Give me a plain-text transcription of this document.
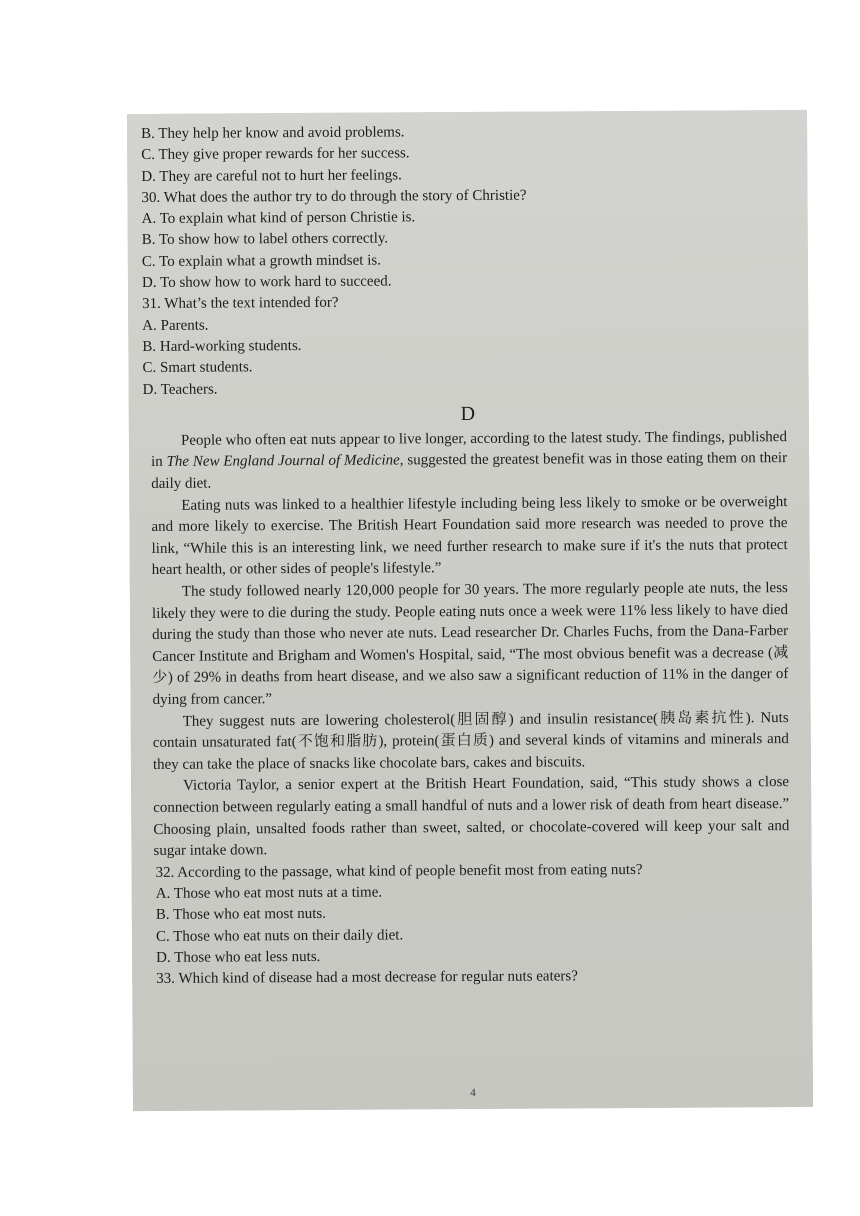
B. They help her know and avoid problems.
C. They give proper rewards for her success.
D. They are careful not to hurt her feelings.
30. What does the author try to do through the story of Christie?
A. To explain what kind of person Christie is.
B. To show how to label others correctly.
C. To explain what a growth mindset is.
D. To show how to work hard to succeed.
31. What’s the text intended for?
A. Parents.
B. Hard-working students.
C. Smart students.
D. Teachers.
D
People who often eat nuts appear to live longer, according to the latest study. The findings, published in The New England Journal of Medicine, suggested the greatest benefit was in those eating them on their daily diet.
Eating nuts was linked to a healthier lifestyle including being less likely to smoke or be overweight and more likely to exercise. The British Heart Foundation said more research was needed to prove the link, “While this is an interesting link, we need further research to make sure if it's the nuts that protect heart health, or other sides of people's lifestyle.”
The study followed nearly 120,000 people for 30 years. The more regularly people ate nuts, the less likely they were to die during the study. People eating nuts once a week were 11% less likely to have died during the study than those who never ate nuts. Lead researcher Dr. Charles Fuchs, from the Dana-Farber Cancer Institute and Brigham and Women's Hospital, said, “The most obvious benefit was a decrease (减少) of 29% in deaths from heart disease, and we also saw a significant reduction of 11% in the danger of dying from cancer.”
They suggest nuts are lowering cholesterol(胆固醇) and insulin resistance(胰岛素抗性). Nuts contain unsaturated fat(不饱和脂肪), protein(蛋白质) and several kinds of vitamins and minerals and they can take the place of snacks like chocolate bars, cakes and biscuits.
Victoria Taylor, a senior expert at the British Heart Foundation, said, “This study shows a close connection between regularly eating a small handful of nuts and a lower risk of death from heart disease.” Choosing plain, unsalted foods rather than sweet, salted, or chocolate-covered will keep your salt and sugar intake down.
32. According to the passage, what kind of people benefit most from eating nuts?
A. Those who eat most nuts at a time.
B. Those who eat most nuts.
C. Those who eat nuts on their daily diet.
D. Those who eat less nuts.
33. Which kind of disease had a most decrease for regular nuts eaters?
4
